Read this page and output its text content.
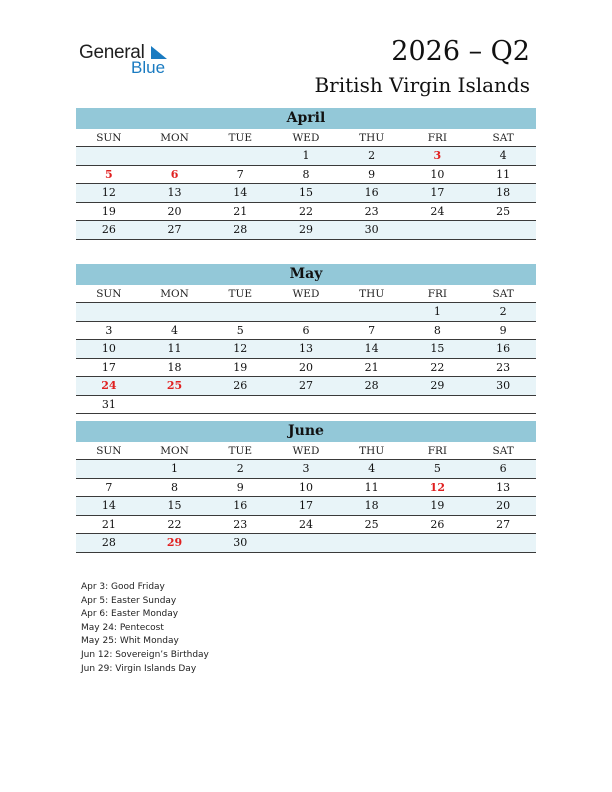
General
Blue
2026 – Q2
British Virgin Islands
April
SUN	MON	TUE	WED	THU	FRI	SAT
			1	2	3	4
5	6	7	8	9	10	11
12	13	14	15	16	17	18
19	20	21	22	23	24	25
26	27	28	29	30		
May
SUN	MON	TUE	WED	THU	FRI	SAT
					1	2
3	4	5	6	7	8	9
10	11	12	13	14	15	16
17	18	19	20	21	22	23
24	25	26	27	28	29	30
31						
June
SUN	MON	TUE	WED	THU	FRI	SAT
	1	2	3	4	5	6
7	8	9	10	11	12	13
14	15	16	17	18	19	20
21	22	23	24	25	26	27
28	29	30				
Apr 3: Good Friday
Apr 5: Easter Sunday
Apr 6: Easter Monday
May 24: Pentecost
May 25: Whit Monday
Jun 12: Sovereign’s Birthday
Jun 29: Virgin Islands Day
